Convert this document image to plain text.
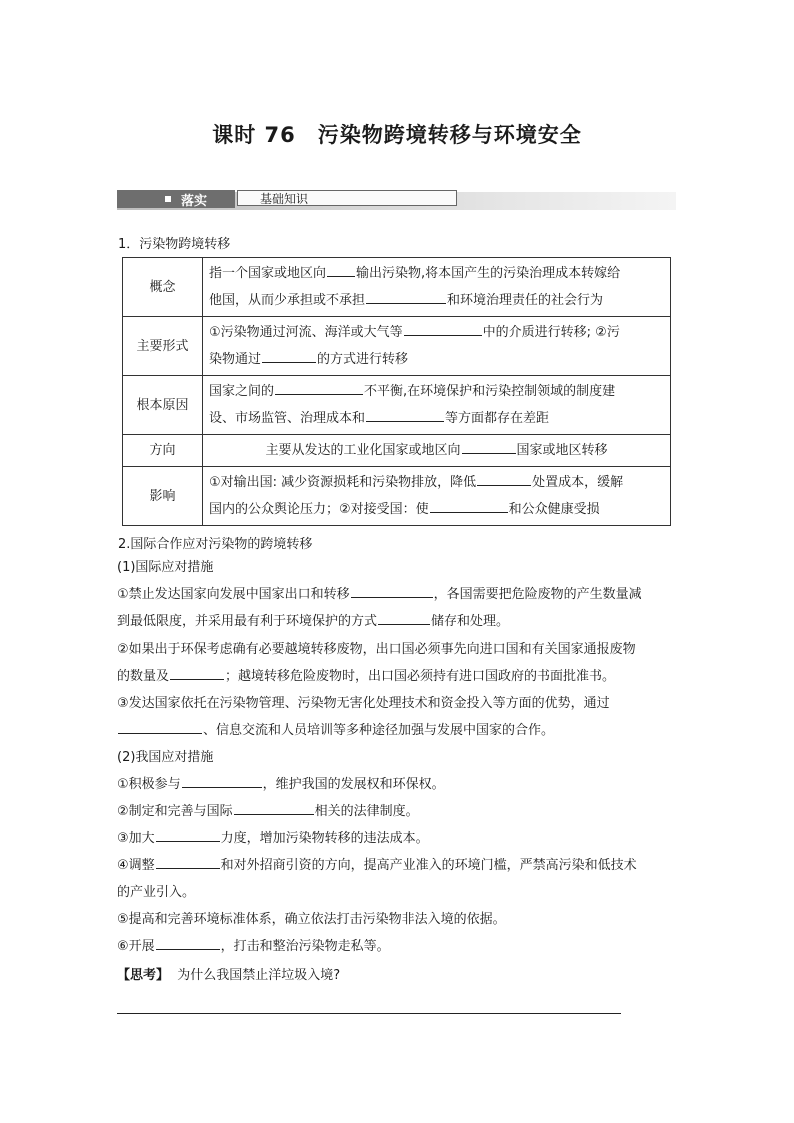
课时 76　污染物跨境转移与环境安全
落实	基础知识
1．污染物跨境转移
概念	指一个国家或地区向 输出污染物,将本国产生的污染治理成本转嫁给
他国，从而少承担或不承担 和环境治理责任的社会行为

主要形式	①污染物通过河流、海洋或大气等 中的介质进行转移; ②污
染物通过 的方式进行转移

根本原因	国家之间的 不平衡,在环境保护和污染控制领域的制度建
设、市场监管、治理成本和 等方面都存在差距

方向	主要从发达的工业化国家或地区向 国家或地区转移
影响	①对输出国: 减少资源损耗和污染物排放，降低 处置成本，缓解
国内的公众舆论压力；②对接受国：使 和公众健康受损
2.国际合作应对污染物的跨境转移
(1)国际应对措施
①禁止发达国家向发展中国家出口和转移	，各国需要把危险废物的产生数量减
到最低限度，并采用最有利于环境保护的方式	储存和处理。
②如果出于环保考虑确有必要越境转移废物，出口国必须事先向进口国和有关国家通报废物
的数量及	；越境转移危险废物时，出口国必须持有进口国政府的书面批准书。
③发达国家依托在污染物管理、污染物无害化处理技术和资金投入等方面的优势，通过
、信息交流和人员培训等多种途径加强与发展中国家的合作。
(2)我国应对措施
①积极参与	，维护我国的发展权和环保权。
②制定和完善与国际	相关的法律制度。
③加大	力度，增加污染物转移的违法成本。
④调整	和对外招商引资的方向，提高产业准入的环境门槛，严禁高污染和低技术
的产业引入。
⑤提高和完善环境标准体系，确立依法打击污染物非法入境的依据。
⑥开展	，打击和整治污染物走私等。
【思考】 为什么我国禁止洋垃圾入境?
